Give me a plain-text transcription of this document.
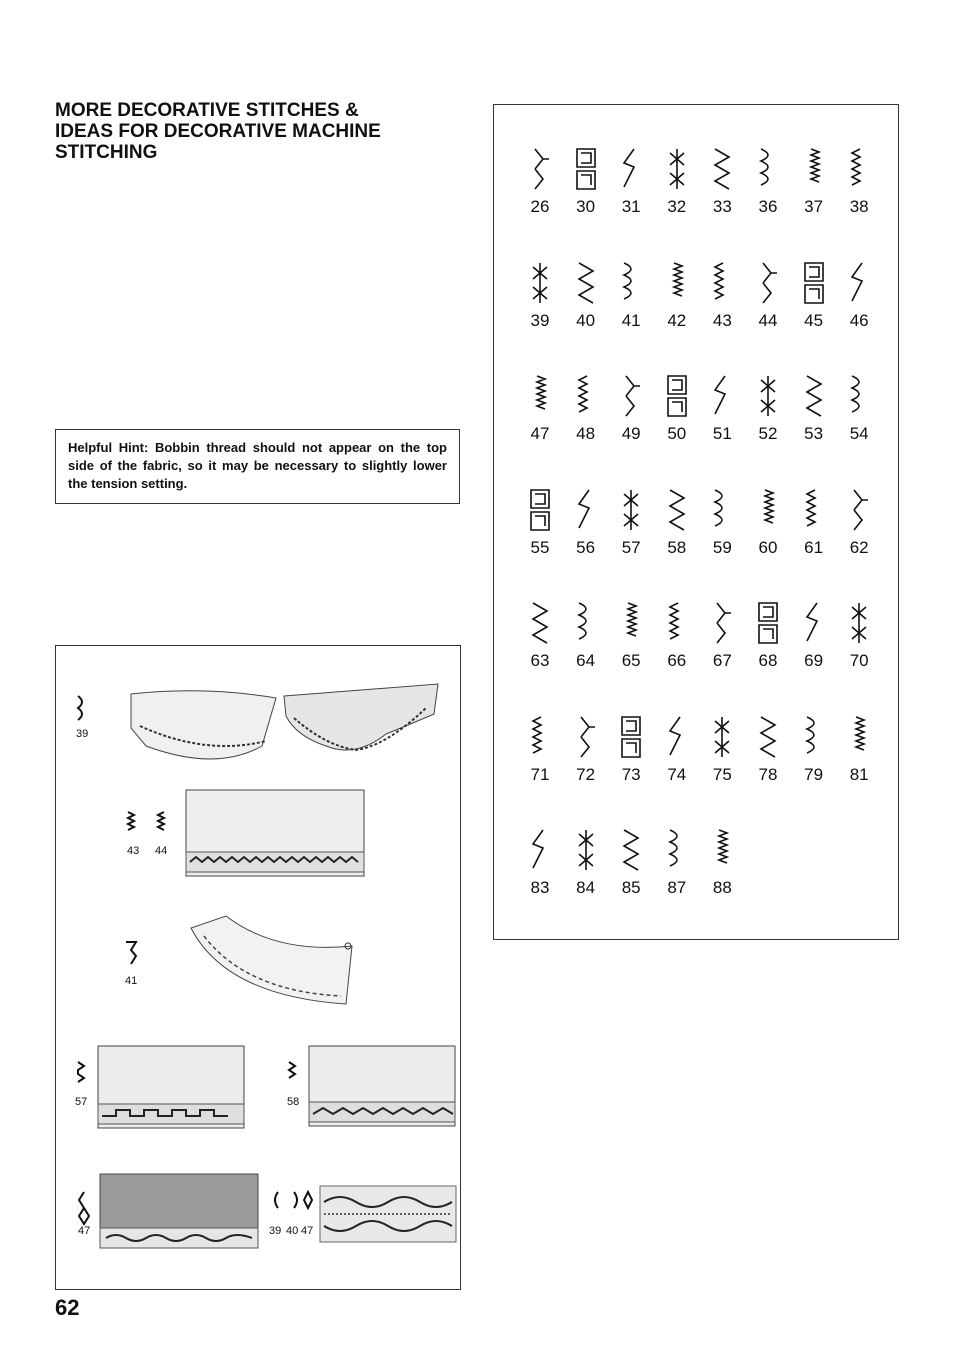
MORE DECORATIVE STITCHES &
IDEAS FOR DECORATIVE MACHINE
STITCHING
Helpful Hint: Bobbin thread should not appear on the top side of the fabric, so it may be necessary to slightly lower the tension setting.
26	30	31	32	33	36	37	38
39	40	41	42	43	44	45	46
47	48	49	50	51	52	53	54
55	56	57	58	59	60	61	62
63	64	65	66	67	68	69	70
71	72	73	74	75	78	79	81
83	84	85	87	88
39
43 44
41
57	58
47	39 40 47
62
